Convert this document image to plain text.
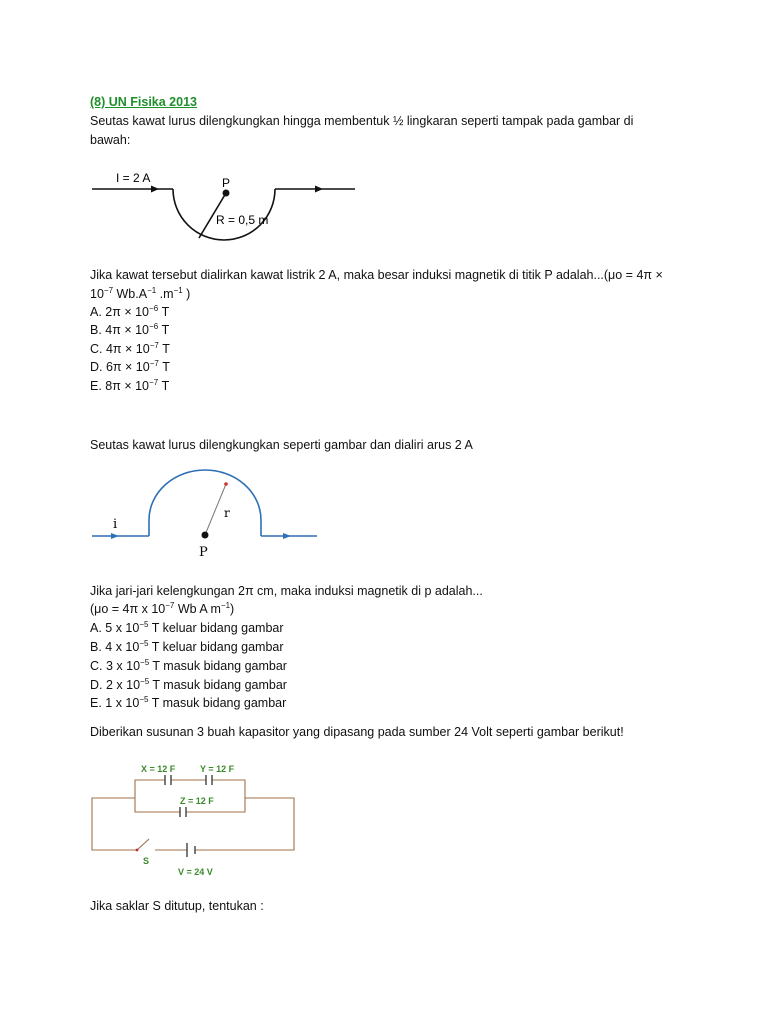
(8) UN Fisika 2013
Seutas kawat lurus dilengkungkan hingga membentuk ½ lingkaran seperti tampak pada gambar di
bawah:
I = 2 A	P
R = 0,5 m
Jika kawat tersebut dialirkan kawat listrik 2 A, maka besar induksi magnetik di titik P adalah...(μo = 4π ×
$10^{-7}$ $Wb.A^{-1}$ $.m^{-1}$ )
A. $2\pi \times 10^{-6}$ T
B. $4\pi \times 10^{-6}$ T
C. $4\pi \times 10^{-7}$ T
D. $6\pi \times 10^{-7}$ T
E. $8\pi \times 10^{-7}$ T
Seutas kawat lurus dilengkungkan seperti gambar dan dialiri arus 2 A
i
r
P
Jika jari-jari kelengkungan 2π cm, maka induksi magnetik di p adalah...
(μo = 4π x $10^{-7}$ Wb A $m^{-1}$)
A. 5 x $10^{-5}$ T keluar bidang gambar
B. 4 x $10^{-5}$ T keluar bidang gambar
C. 3 x $10^{-5}$ T masuk bidang gambar
D. 2 x $10^{-5}$ T masuk bidang gambar
E. 1 x $10^{-5}$ T masuk bidang gambar
Diberikan susunan 3 buah kapasitor yang dipasang pada sumber 24 Volt seperti gambar berikut!
X = 12 F	Y = 12 F
Z = 12 F
S
V = 24 V
Jika saklar S ditutup, tentukan :
